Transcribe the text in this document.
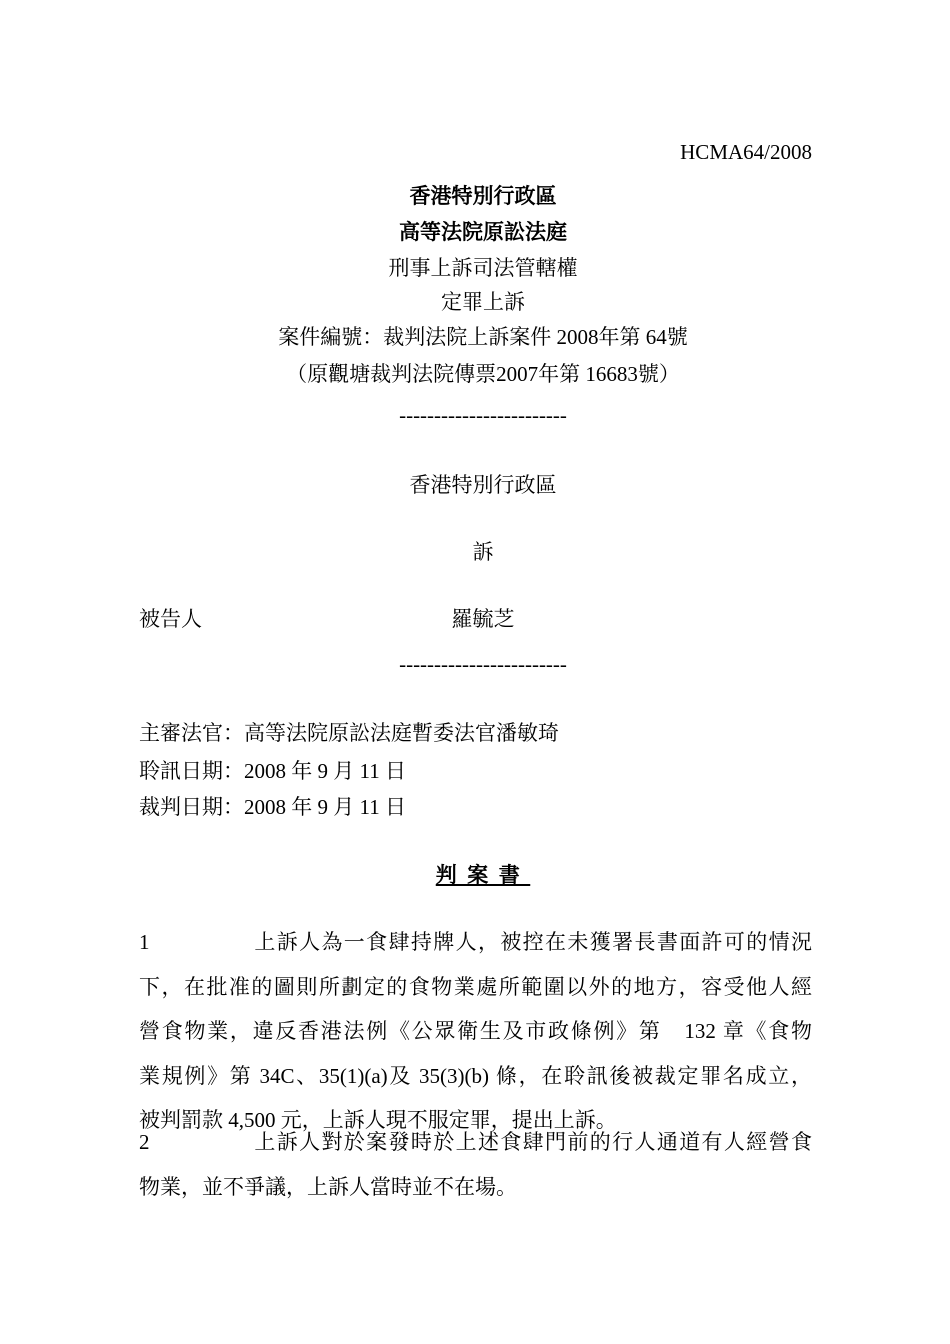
HCMA64/2008
香港特別行政區
高等法院原訟法庭
刑事上訴司法管轄權
定罪上訴
案件編號：裁判法院上訴案件 2008年第 64號
（原觀塘裁判法院傳票2007年第 16683號）
------------------------
香港特別行政區
訴
被告人	羅毓芝
------------------------
主審法官：高等法院原訟法庭暫委法官潘敏琦
聆訊日期：2008 年 9 月 11 日
裁判日期：2008 年 9 月 11 日
判案書
1	上訴人為一食肆持牌人，被控在未獲署長書面許可的情況
下，在批准的圖則所劃定的食物業處所範圍以外的地方，容受他人經
營食物業，違反香港法例《公眾衛生及市政條例》第　132 章《食物
業規例》第 34C、35(1)(a)及 35(3)(b) 條，在聆訊後被裁定罪名成立，
被判罰款 4,500 元，上訴人現不服定罪，提出上訴。
2	上訴人對於案發時於上述食肆門前的行人通道有人經營食
物業，並不爭議，上訴人當時並不在場。
